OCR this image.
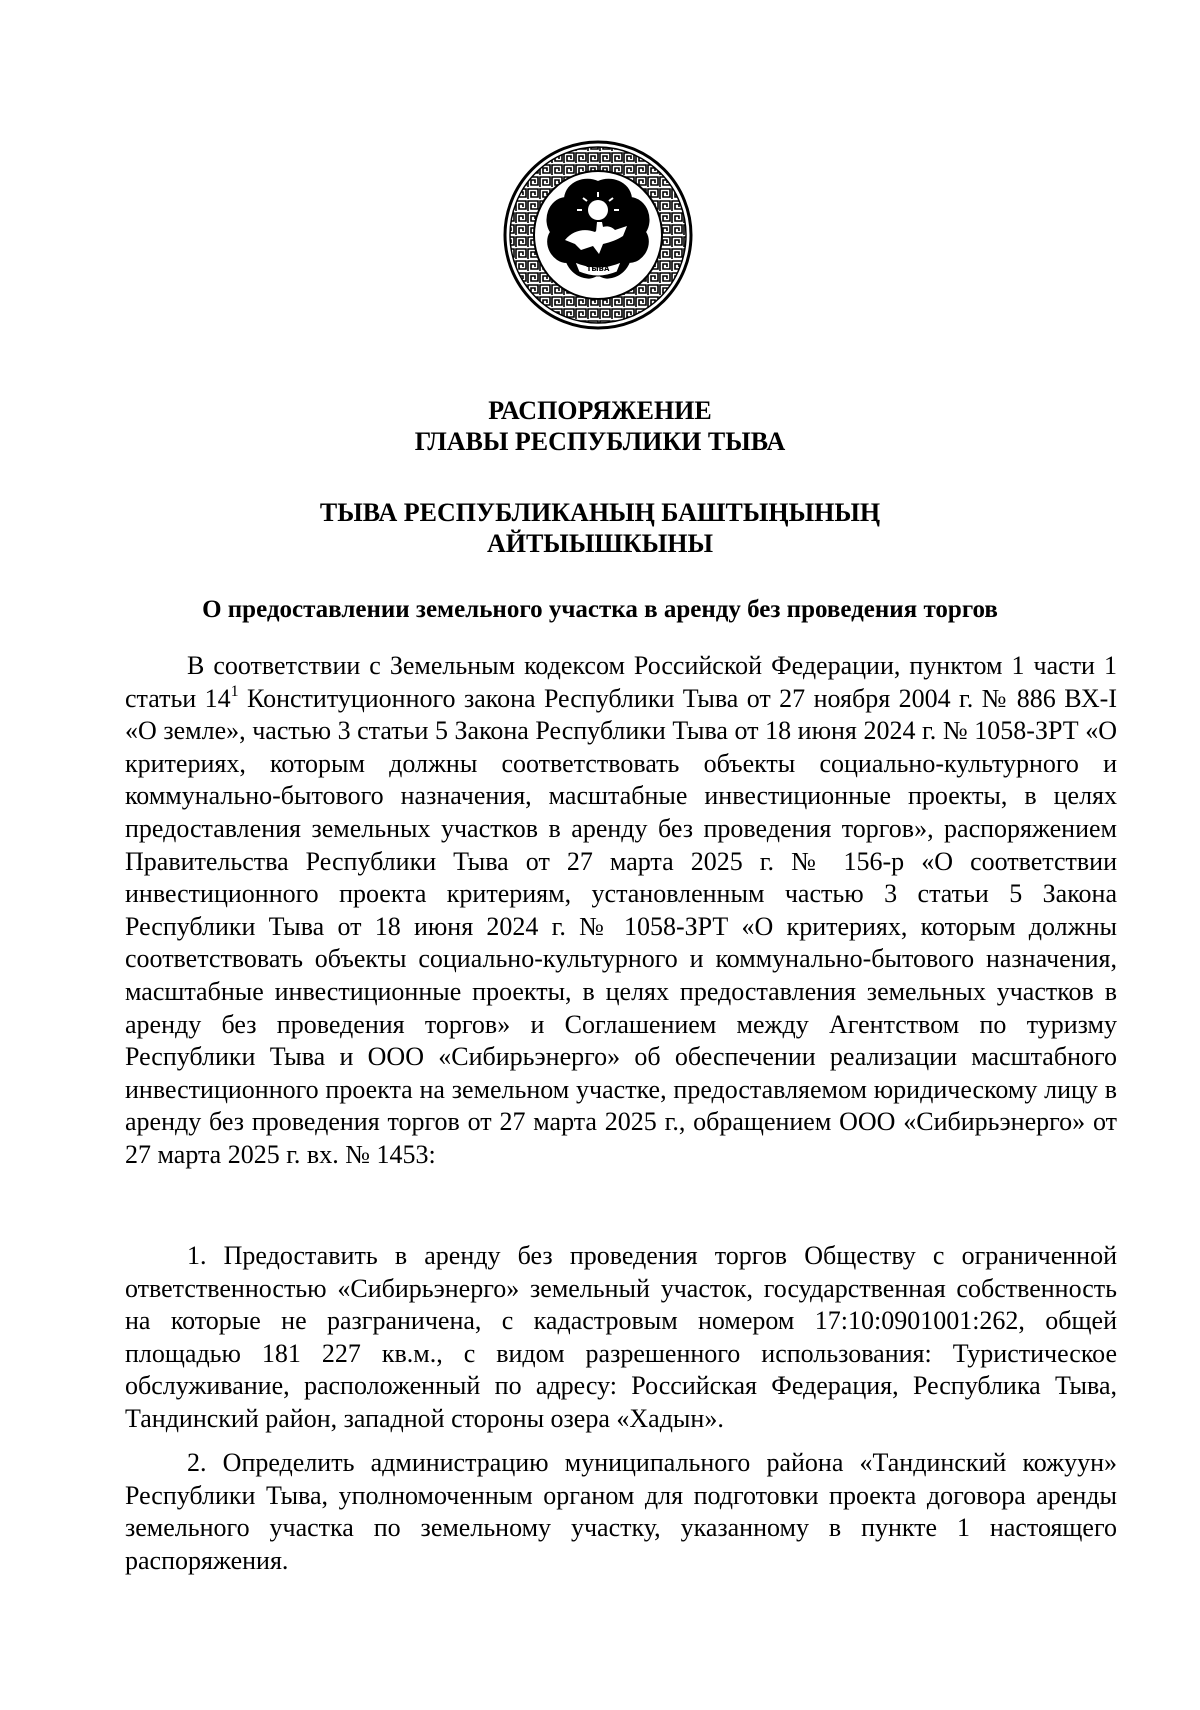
ТЫВА
РАСПОРЯЖЕНИЕ
ГЛАВЫ РЕСПУБЛИКИ ТЫВА
ТЫВА РЕСПУБЛИКАНЫҢ БАШТЫҢЫНЫҢ
АЙТЫЫШКЫНЫ
О предоставлении земельного участка в аренду без проведения торгов
В соответствии с Земельным кодексом Российской Федерации, пунктом 1 части 1 статьи $14^1$ Конституционного закона Республики Тыва от 27 ноября 2004 г. № 886 ВХ-I «О земле», частью 3 статьи 5 Закона Республики Тыва от 18 июня 2024 г. № 1058-ЗРТ «О критериях, которым должны соответствовать объекты социально-культурного и коммунально-бытового назначения, масштабные инвестиционные проекты, в целях предоставления земельных участков в аренду без проведения торгов», распоряжением Правительства Республики Тыва от 27 марта 2025 г. № 156-р «О соответствии инвестиционного проекта критериям, установленным частью 3 статьи 5 Закона Республики Тыва от 18 июня 2024 г. № 1058-ЗРТ «О критериях, которым должны соответствовать объекты социально-культурного и коммунально-бытового назначения, масштабные инвестиционные проекты, в целях предоставления земельных участков в аренду без проведения торгов» и Соглашением между Агентством по туризму Республики Тыва и ООО «Сибирьэнерго» об обеспечении реализации масштабного инвестиционного проекта на земельном участке, предоставляемом юридическому лицу в аренду без проведения торгов от 27 марта 2025 г., обращением ООО «Сибирьэнерго» от 27 марта 2025 г. вх. № 1453:
1. Предоставить в аренду без проведения торгов Обществу с ограниченной ответственностью «Сибирьэнерго» земельный участок, государственная собственность на которые не разграничена, с кадастровым номером 17:10:0901001:262, общей площадью 181 227 кв.м., с видом разрешенного использования: Туристическое обслуживание, расположенный по адресу: Российская Федерация, Республика Тыва, Тандинский район, западной стороны озера «Хадын».
2. Определить администрацию муниципального района «Тандинский кожуун» Республики Тыва, уполномоченным органом для подготовки проекта договора аренды земельного участка по земельному участку, указанному в пункте 1 настоящего распоряжения.
